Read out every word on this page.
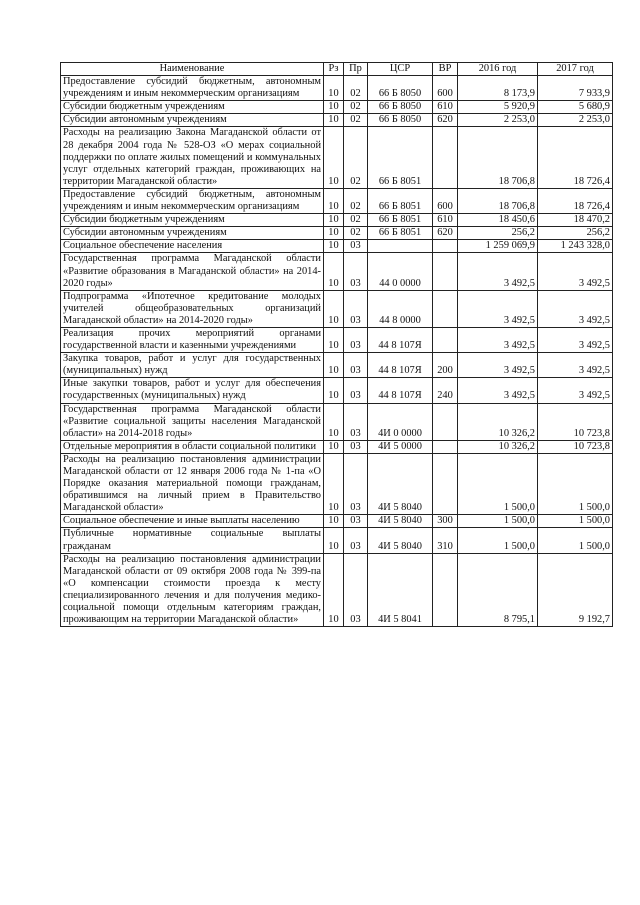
Наименование	Рз	Пр	ЦСР	ВР	2016 год	2017 год
Предоставление субсидий бюджетным, автономным учреждениям и иным некоммерческим организациям	10	02	66 Б 8050	600	8 173,9	7 933,9
Субсидии бюджетным учреждениям	10	02	66 Б 8050	610	5 920,9	5 680,9
Субсидии автономным учреждениям	10	02	66 Б 8050	620	2 253,0	2 253,0
Расходы на реализацию Закона Магаданской области от 28 декабря 2004 года № 528-ОЗ «О мерах социальной поддержки по оплате жилых помещений и коммунальных услуг отдельных категорий граждан, проживающих на территории Магаданской области»	10	02	66 Б 8051		18 706,8	18 726,4
Предоставление субсидий бюджетным, автономным учреждениям и иным некоммерческим организациям	10	02	66 Б 8051	600	18 706,8	18 726,4
Субсидии бюджетным учреждениям	10	02	66 Б 8051	610	18 450,6	18 470,2
Субсидии автономным учреждениям	10	02	66 Б 8051	620	256,2	256,2
Социальное обеспечение населения	10	03			1 259 069,9	1 243 328,0
Государственная программа Магаданской области «Развитие образования в Магаданской области» на 2014-2020 годы»	10	03	44 0 0000		3 492,5	3 492,5
Подпрограмма «Ипотечное кредитование молодых учителей общеобразовательных организаций Магаданской области» на 2014-2020 годы»	10	03	44 8 0000		3 492,5	3 492,5
Реализация прочих мероприятий органами государственной власти и казенными учреждениями	10	03	44 8 107Я		3 492,5	3 492,5
Закупка товаров, работ и услуг для государственных (муниципальных) нужд	10	03	44 8 107Я	200	3 492,5	3 492,5
Иные закупки товаров, работ и услуг для обеспечения государственных (муниципальных) нужд	10	03	44 8 107Я	240	3 492,5	3 492,5
Государственная программа Магаданской области «Развитие социальной защиты населения Магаданской области» на 2014-2018 годы»	10	03	4И 0 0000		10 326,2	10 723,8
Отдельные мероприятия в области социальной политики	10	03	4И 5 0000		10 326,2	10 723,8
Расходы на реализацию постановления администрации Магаданской области от 12 января 2006 года № 1-па «О Порядке оказания материальной помощи гражданам, обратившимся на личный прием в Правительство Магаданской области»	10	03	4И 5 8040		1 500,0	1 500,0
Социальное обеспечение и иные выплаты населению	10	03	4И 5 8040	300	1 500,0	1 500,0
Публичные нормативные социальные выплаты гражданам	10	03	4И 5 8040	310	1 500,0	1 500,0
Расходы на реализацию постановления администрации Магаданской области от 09 октября 2008 года № 399-па «О компенсации стоимости проезда к месту специализированного лечения и для получения медико-социальной помощи отдельным категориям граждан, проживающим на территории Магаданской области»	10	03	4И 5 8041		8 795,1	9 192,7
